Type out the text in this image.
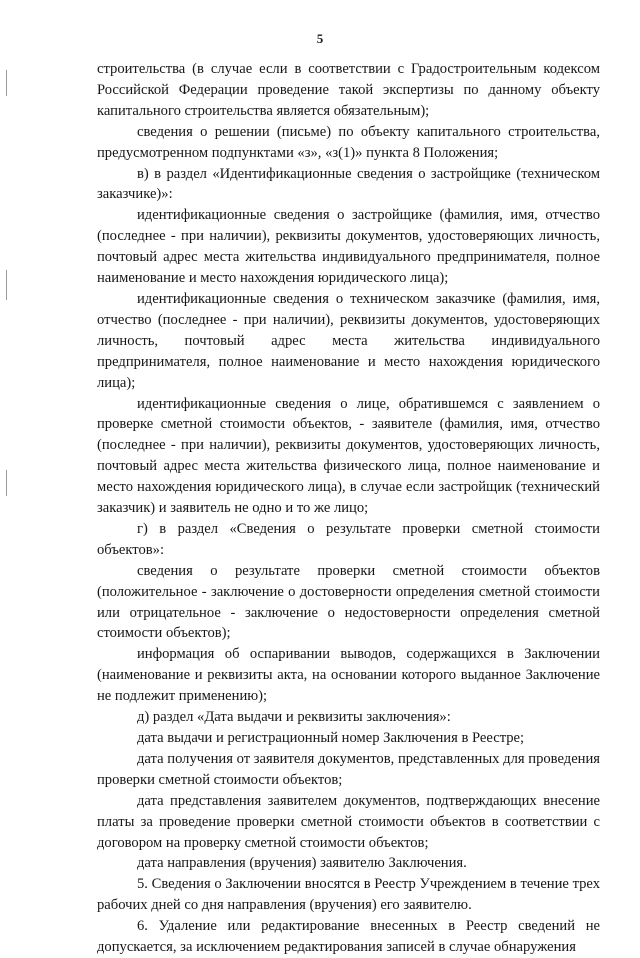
5

строительства (в случае если в соответствии с Градостроительным кодексом Российской Федерации проведение такой экспертизы по данному объекту капитального строительства является обязательным);

сведения о решении (письме) по объекту капитального строительства, предусмотренном подпунктами «з», «з(1)» пункта 8 Положения;

в) в раздел «Идентификационные сведения о застройщике (техническом заказчике)»:

идентификационные сведения о застройщике (фамилия, имя, отчество (последнее - при наличии), реквизиты документов, удостоверяющих личность, почтовый адрес места жительства индивидуального предпринимателя, полное наименование и место нахождения юридического лица);

идентификационные сведения о техническом заказчике (фамилия, имя, отчество (последнее - при наличии), реквизиты документов, удостоверяющих личность, почтовый адрес места жительства индивидуального предпринимателя, полное наименование и место нахождения юридического лица);

идентификационные сведения о лице, обратившемся с заявлением о проверке сметной стоимости объектов, - заявителе (фамилия, имя, отчество (последнее - при наличии), реквизиты документов, удостоверяющих личность, почтовый адрес места жительства физического лица, полное наименование и место нахождения юридического лица), в случае если застройщик (технический заказчик) и заявитель не одно и то же лицо;

г) в раздел «Сведения о результате проверки сметной стоимости объектов»:

сведения о результате проверки сметной стоимости объектов (положительное - заключение о достоверности определения сметной стоимости или отрицательное - заключение о недостоверности определения сметной стоимости объектов);

информация об оспаривании выводов, содержащихся в Заключении (наименование и реквизиты акта, на основании которого выданное Заключение не подлежит применению);

д) раздел «Дата выдачи и реквизиты заключения»:

дата выдачи и регистрационный номер Заключения в Реестре;

дата получения от заявителя документов, представленных для проведения проверки сметной стоимости объектов;

дата представления заявителем документов, подтверждающих внесение платы за проведение проверки сметной стоимости объектов в соответствии с договором на проверку сметной стоимости объектов;

дата направления (вручения) заявителю Заключения.

5. Сведения о Заключении вносятся в Реестр Учреждением в течение трех рабочих дней со дня направления (вручения) его заявителю.

6. Удаление или редактирование внесенных в Реестр сведений не допускается, за исключением редактирования записей в случае обнаружения
